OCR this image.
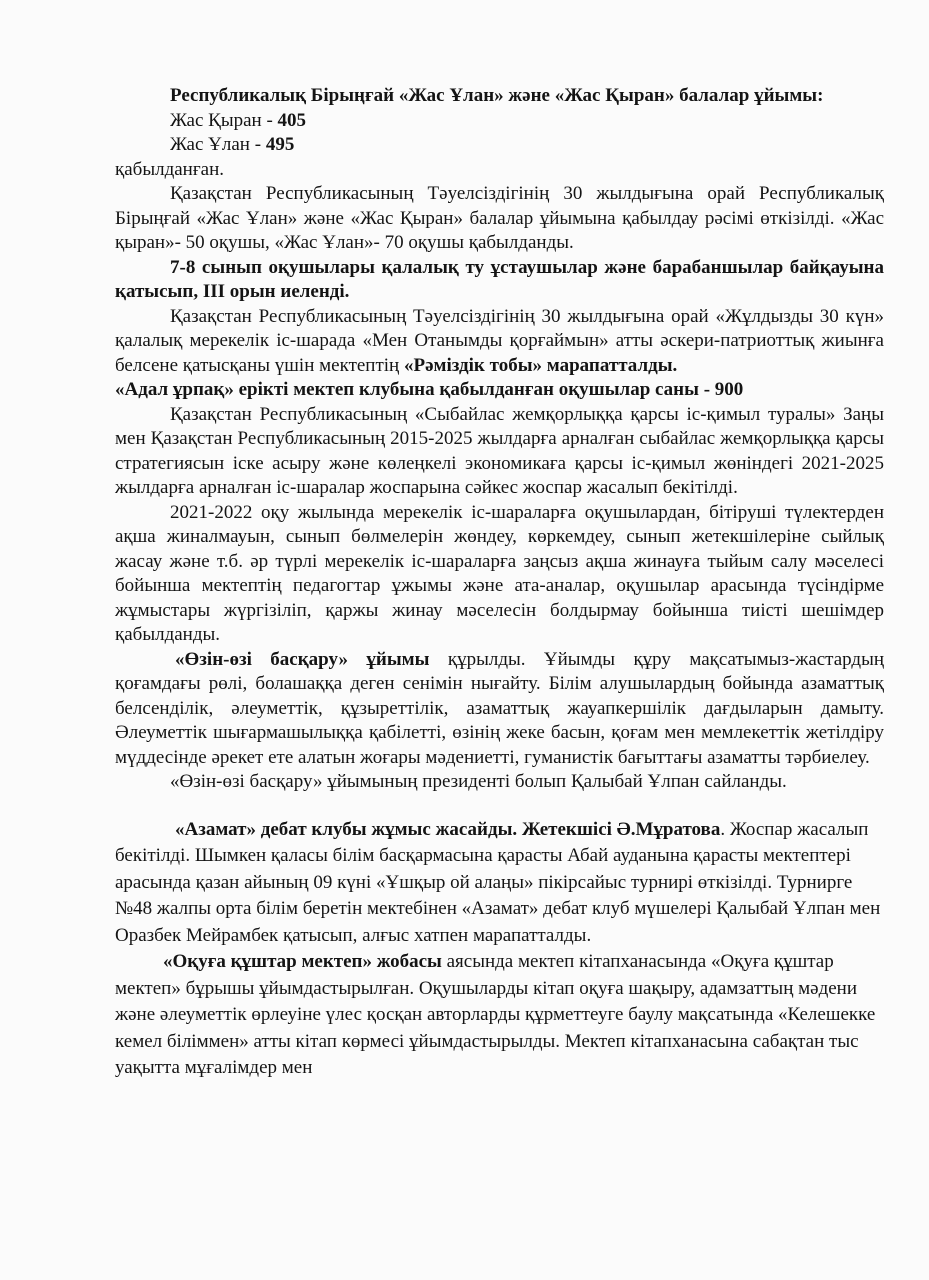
Республикалық Бірыңғай «Жас Ұлан» және «Жас Қыран» балалар ұйымы:

Жас Қыран - 405

Жас Ұлан - 495

қабылданған.

Қазақстан Республикасының Тәуелсіздігінің 30 жылдығына орай Республикалық Бірыңғай «Жас Ұлан» және «Жас Қыран» балалар ұйымына қабылдау рәсімі өткізілді. «Жас қыран»- 50 оқушы, «Жас Ұлан»- 70 оқушы қабылданды.

7-8 сынып оқушылары қалалық ту ұстаушылар және барабаншылар байқауына қатысып, ІІІ орын иеленді.

Қазақстан Республикасының Тәуелсіздігінің 30 жылдығына орай «Жұлдызды 30 күн» қалалық мерекелік іс-шарада «Мен Отанымды қорғаймын» атты әскери-патриоттық жиынға белсене қатысқаны үшін мектептің «Рәміздік тобы» марапатталды.

«Адал ұрпақ» ерікті мектеп клубына қабылданған оқушылар саны - 900

Қазақстан Республикасының «Сыбайлас жемқорлыққа қарсы іс-қимыл туралы» Заңы мен Қазақстан Республикасының 2015-2025 жылдарға арналған сыбайлас жемқорлыққа қарсы стратегиясын іске асыру және көлеңкелі экономикаға қарсы іс-қимыл жөніндегі 2021-2025 жылдарға арналған іс-шаралар жоспарына сәйкес жоспар жасалып бекітілді.

2021-2022 оқу жылында мерекелік іс-шараларға оқушылардан, бітіруші түлектерден ақша жиналмауын, сынып бөлмелерін жөндеу, көркемдеу, сынып жетекшілеріне сыйлық жасау және т.б. әр түрлі мерекелік іс-шараларға заңсыз ақша жинауға тыйым салу мәселесі бойынша мектептің педагогтар ұжымы және ата-аналар, оқушылар арасында түсіндірме жұмыстары жүргізіліп, қаржы жинау мәселесін болдырмау бойынша тиісті шешімдер қабылданды.

«Өзін-өзі басқару» ұйымы құрылды. Ұйымды құру мақсатымыз-жастардың қоғамдағы рөлі, болашаққа деген сенімін нығайту. Білім алушылардың бойында азаматтық белсенділік, әлеуметтік, құзыреттілік, азаматтық жауапкершілік дағдыларын дамыту. Әлеуметтік шығармашылыққа қабілетті, өзінің жеке басын, қоғам мен мемлекеттік жетілдіру мүддесінде әрекет ете алатын жоғары мәдениетті, гуманистік бағыттағы азаматты тәрбиелеу.

«Өзін-өзі басқару» ұйымының президенті болып Қалыбай Ұлпан сайланды.

«Азамат» дебат клубы жұмыс жасайды. Жетекшісі Ә.Мұратова. Жоспар жасалып бекітілді. Шымкен қаласы білім басқармасына қарасты Абай ауданына қарасты мектептері арасында қазан айының 09 күні «Ұшқыр ой алаңы» пікірсайыс турнирі өткізілді. Турнирге №48 жалпы орта білім беретін мектебінен «Азамат» дебат клуб мүшелері Қалыбай Ұлпан мен Оразбек Мейрамбек қатысып, алғыс хатпен марапатталды.

«Оқуға құштар мектеп» жобасы аясында мектеп кітапханасында «Оқуға құштар мектеп» бұрышы ұйымдастырылған. Оқушыларды кітап оқуға шақыру, адамзаттың мәдени және әлеуметтік өрлеуіне үлес қосқан авторларды құрметтеуге баулу мақсатында «Келешекке кемел біліммен» атты кітап көрмесі ұйымдастырылды. Мектеп кітапханасына сабақтан тыс уақытта мұғалімдер мен
